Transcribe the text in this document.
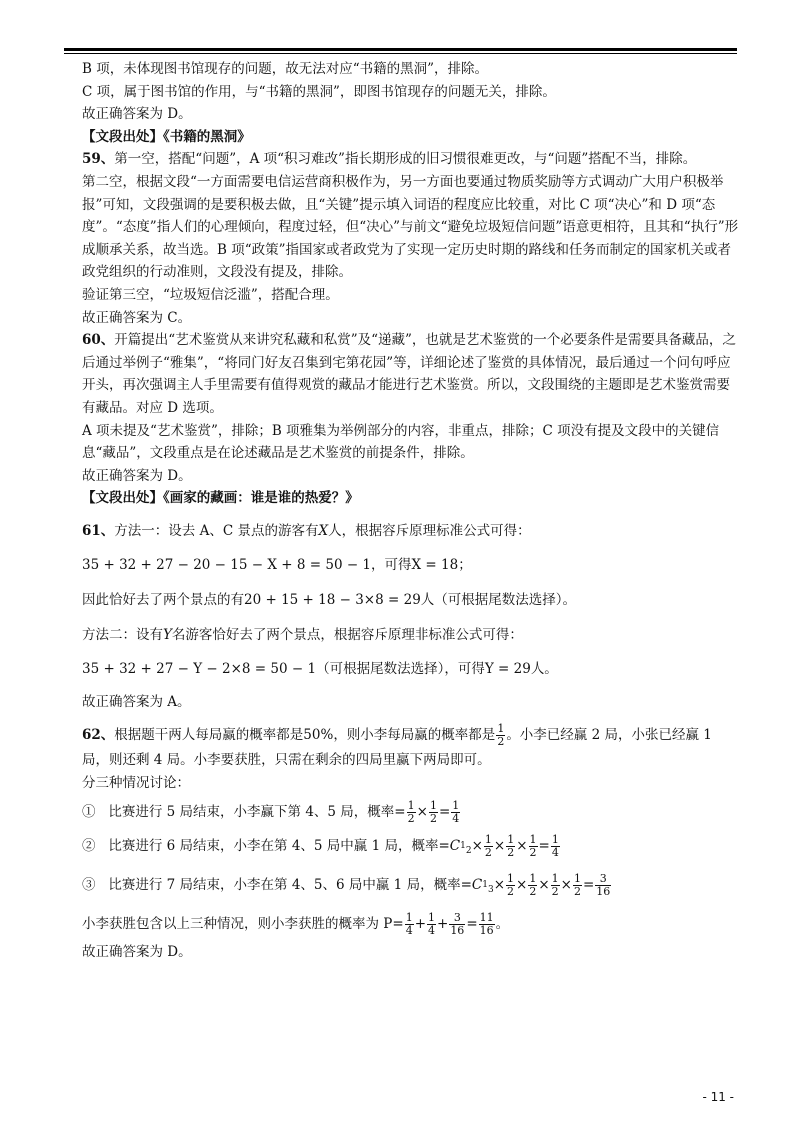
B 项，未体现图书馆现存的问题，故无法对应“书籍的黑洞”，排除。

C 项，属于图书馆的作用，与“书籍的黑洞”，即图书馆现存的问题无关，排除。

故正确答案为 D。

【文段出处】《书籍的黑洞》

59、第一空，搭配“问题”，A 项“积习难改”指长期形成的旧习惯很难更改，与“问题”搭配不当，排除。

第二空，根据文段“一方面需要电信运营商积极作为，另一方面也要通过物质奖励等方式调动广大用户积极举报”可知，文段强调的是要积极去做，且“关键”提示填入词语的程度应比较重，对比 C 项“决心”和 D 项“态度”。“态度”指人们的心理倾向，程度过轻，但“决心”与前文“避免垃圾短信问题”语意更相符，且其和“执行”形成顺承关系，故当选。B 项“政策”指国家或者政党为了实现一定历史时期的路线和任务而制定的国家机关或者政党组织的行动准则，文段没有提及，排除。

验证第三空，“垃圾短信泛滥”，搭配合理。

故正确答案为 C。

60、开篇提出“艺术鉴赏从来讲究私藏和私赏”及“递藏”，也就是艺术鉴赏的一个必要条件是需要具备藏品，之后通过举例子“雅集”，“将同门好友召集到宅第花园”等，详细论述了鉴赏的具体情况，最后通过一个问句呼应开头，再次强调主人手里需要有值得观赏的藏品才能进行艺术鉴赏。所以，文段围绕的主题即是艺术鉴赏需要有藏品。对应 D 选项。

A 项未提及“艺术鉴赏”，排除；B 项雅集为举例部分的内容，非重点，排除；C 项没有提及文段中的关键信息“藏品”，文段重点是在论述藏品是艺术鉴赏的前提条件，排除。

故正确答案为 D。

【文段出处】《画家的藏画：谁是谁的热爱？》

61、方法一：设去 A、C 景点的游客有X人，根据容斥原理标准公式可得：

35 + 32 + 27 − 20 − 15 − X + 8 = 50 − 1，可得X = 18；

因此恰好去了两个景点的有20 + 15 + 18 − 3×8 = 29人（可根据尾数法选择）。

方法二：设有Y名游客恰好去了两个景点，根据容斥原理非标准公式可得：

35 + 32 + 27 − Y − 2×8 = 50 − 1（可根据尾数法选择），可得Y = 29人。

故正确答案为 A。

62、根据题干两人每局赢的概率都是50%，则小李每局赢的概率都是 $\frac{1}{2}$ 。小李已经赢 2 局，小张已经赢 1 局，则还剩 4 局。小李要获胜，只需在剩余的四局里赢下两局即可。

分三种情况讨论：

① 比赛进行 5 局结束，小李赢下第 4、5 局，概率= $\frac{1}{2} \times \frac{1}{2} = \frac{1}{4}$

② 比赛进行 6 局结束，小李在第 4、5 局中赢 1 局，概率$=C^1_2\times \frac{1}{2} \times \frac{1}{2} \times \frac{1}{2} = \frac{1}{4}$

③ 比赛进行 7 局结束，小李在第 4、5、6 局中赢 1 局，概率$=C^1_3\times \frac{1}{2} \times \frac{1}{2} \times \frac{1}{2} \times \frac{1}{2} = \frac{3}{16}$

小李获胜包含以上三种情况，则小李获胜的概率为 $P= \frac{1}{4} + \frac{1}{4} + \frac{3}{16} = \frac{11}{16}$ 。

故正确答案为 D。

- 11 -
